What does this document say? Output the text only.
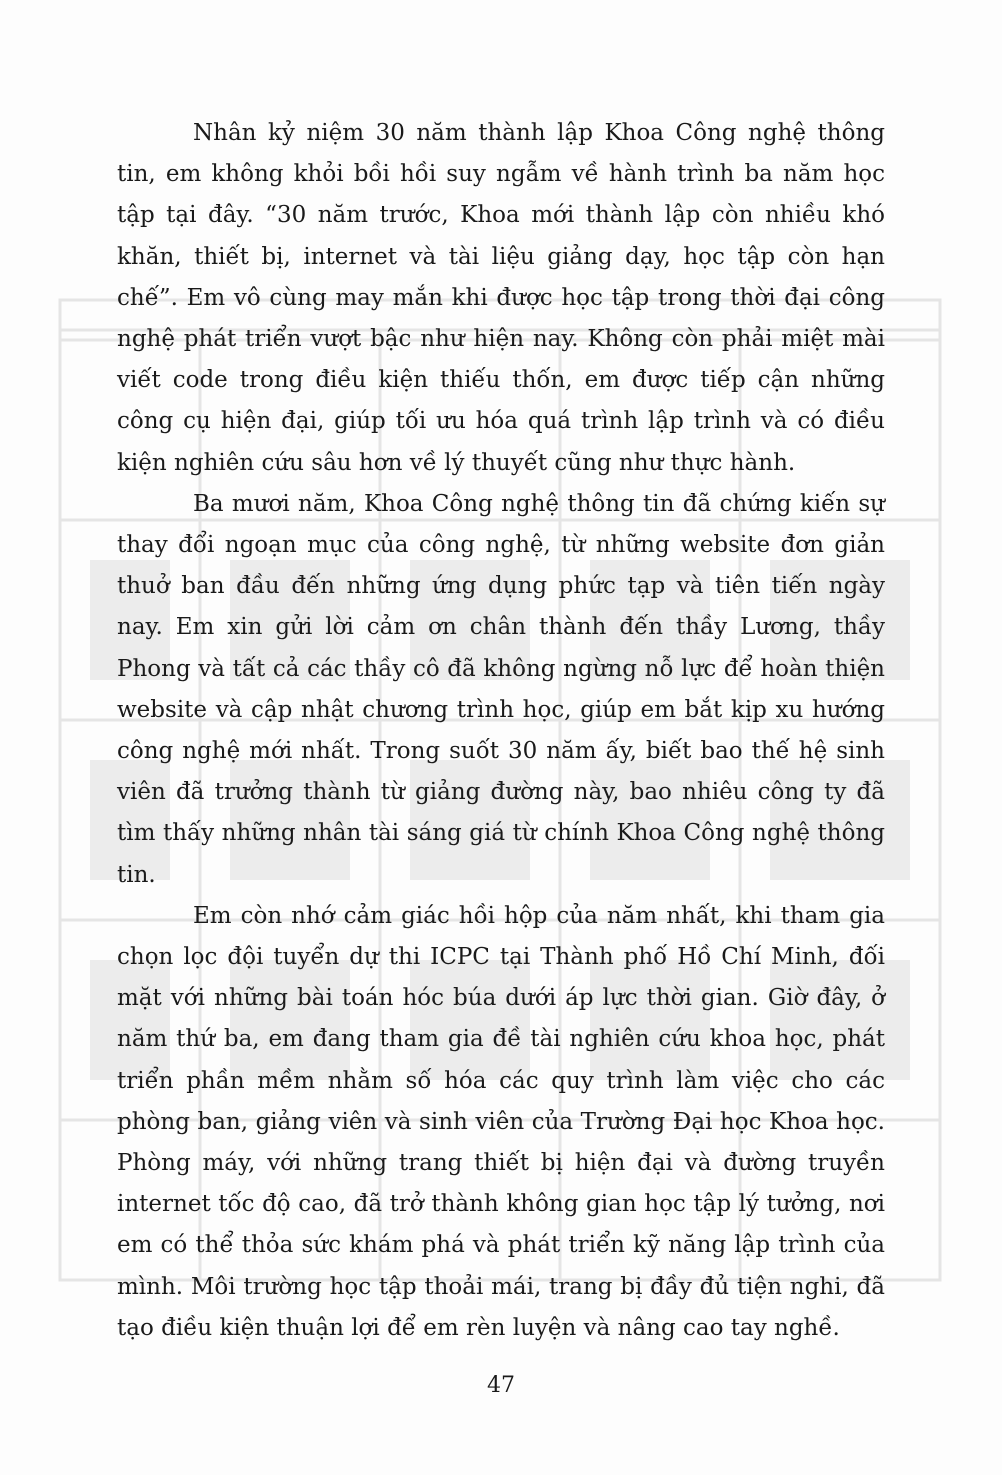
Nhân kỷ niệm 30 năm thành lập Khoa Công nghệ thông tin, em không khỏi bồi hồi suy ngẫm về hành trình ba năm học tập tại đây. “30 năm trước, Khoa mới thành lập còn nhiều khó khăn, thiết bị, internet và tài liệu giảng dạy, học tập còn hạn chế”. Em vô cùng may mắn khi được học tập trong thời đại công nghệ phát triển vượt bậc như hiện nay. Không còn phải miệt mài viết code trong điều kiện thiếu thốn, em được tiếp cận những công cụ hiện đại, giúp tối ưu hóa quá trình lập trình và có điều kiện nghiên cứu sâu hơn về lý thuyết cũng như thực hành.

Ba mươi năm, Khoa Công nghệ thông tin đã chứng kiến sự thay đổi ngoạn mục của công nghệ, từ những website đơn giản thuở ban đầu đến những ứng dụng phức tạp và tiên tiến ngày nay. Em xin gửi lời cảm ơn chân thành đến thầy Lương, thầy Phong và tất cả các thầy cô đã không ngừng nỗ lực để hoàn thiện website và cập nhật chương trình học, giúp em bắt kịp xu hướng công nghệ mới nhất. Trong suốt 30 năm ấy, biết bao thế hệ sinh viên đã trưởng thành từ giảng đường này, bao nhiêu công ty đã tìm thấy những nhân tài sáng giá từ chính Khoa Công nghệ thông tin.

Em còn nhớ cảm giác hồi hộp của năm nhất, khi tham gia chọn lọc đội tuyển dự thi ICPC tại Thành phố Hồ Chí Minh, đối mặt với những bài toán hóc búa dưới áp lực thời gian. Giờ đây, ở năm thứ ba, em đang tham gia đề tài nghiên cứu khoa học, phát triển phần mềm nhằm số hóa các quy trình làm việc cho các phòng ban, giảng viên và sinh viên của Trường Đại học Khoa học. Phòng máy, với những trang thiết bị hiện đại và đường truyền internet tốc độ cao, đã trở thành không gian học tập lý tưởng, nơi em có thể thỏa sức khám phá và phát triển kỹ năng lập trình của mình. Môi trường học tập thoải mái, trang bị đầy đủ tiện nghi, đã tạo điều kiện thuận lợi để em rèn luyện và nâng cao tay nghề.

47
